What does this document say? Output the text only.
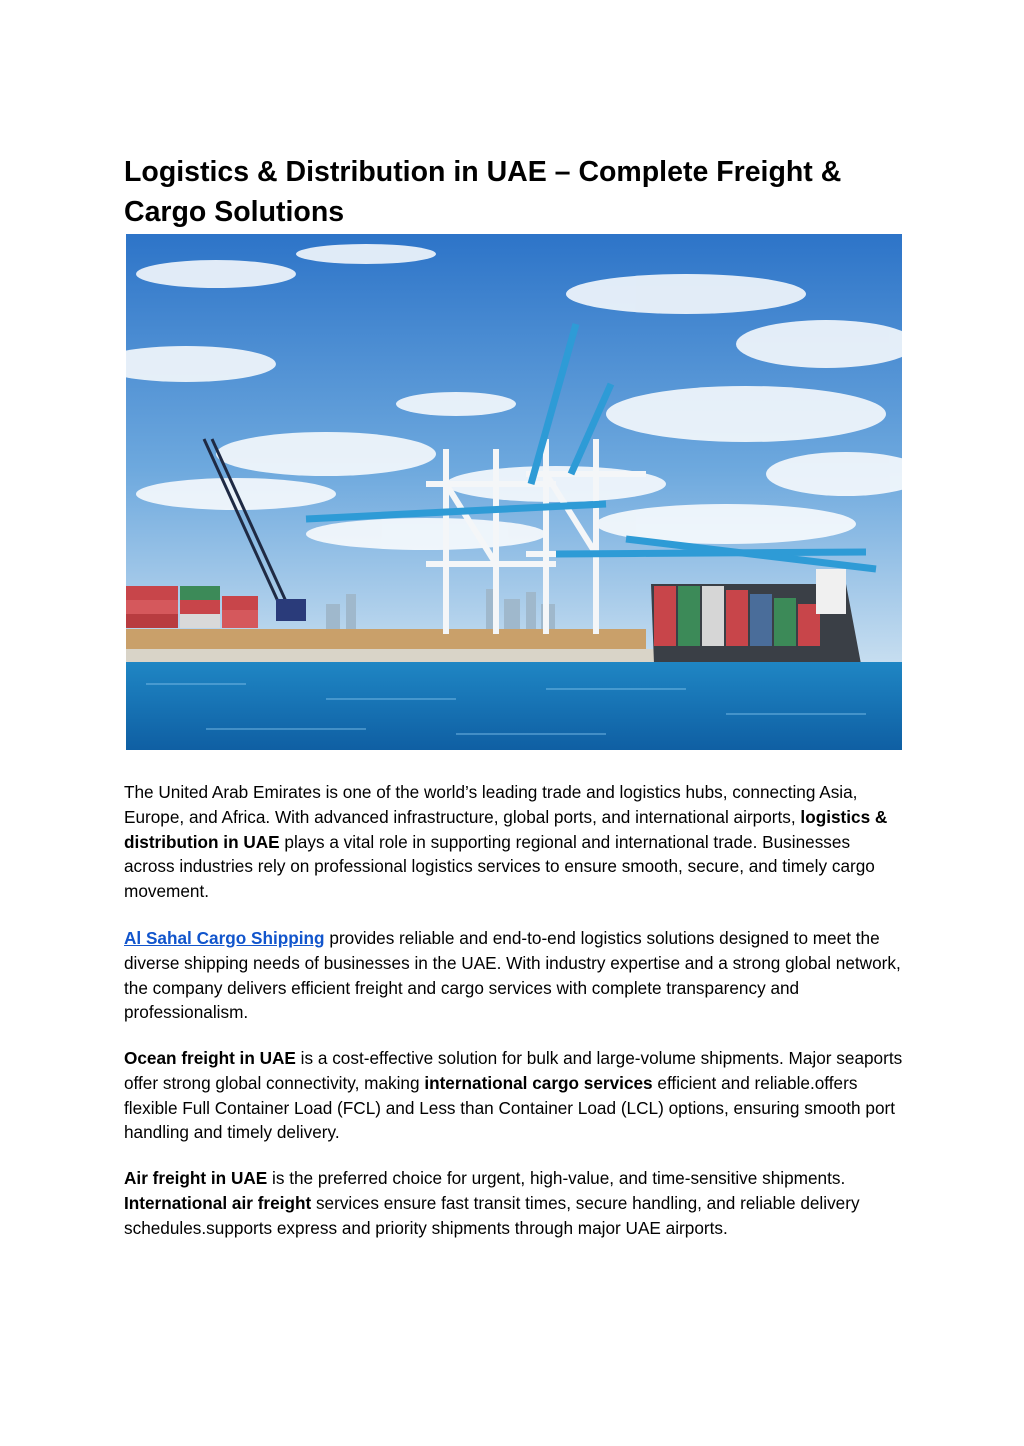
Logistics & Distribution in UAE – Complete Freight & Cargo Solutions

The United Arab Emirates is one of the world’s leading trade and logistics hubs, connecting Asia, Europe, and Africa. With advanced infrastructure, global ports, and international airports, logistics & distribution in UAE plays a vital role in supporting regional and international trade. Businesses across industries rely on professional logistics services to ensure smooth, secure, and timely cargo movement.

Al Sahal Cargo Shipping provides reliable and end-to-end logistics solutions designed to meet the diverse shipping needs of businesses in the UAE. With industry expertise and a strong global network, the company delivers efficient freight and cargo services with complete transparency and professionalism.

Ocean freight in UAE is a cost-effective solution for bulk and large-volume shipments. Major seaports offer strong global connectivity, making international cargo services efficient and reliable.offers flexible Full Container Load (FCL) and Less than Container Load (LCL) options, ensuring smooth port handling and timely delivery.

Air freight in UAE is the preferred choice for urgent, high-value, and time-sensitive shipments. International air freight services ensure fast transit times, secure handling, and reliable delivery schedules.supports express and priority shipments through major UAE airports.
